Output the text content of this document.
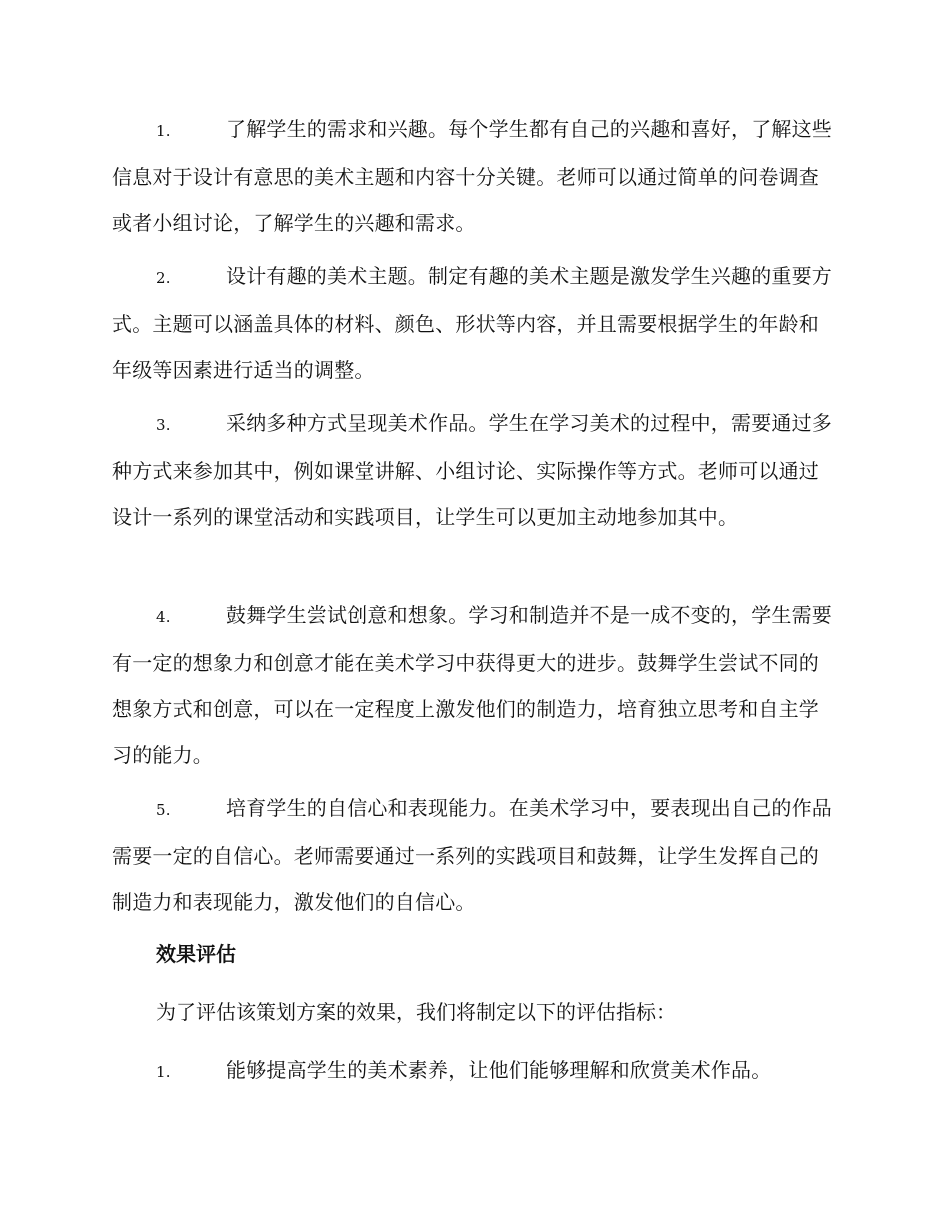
1.	了解学生的需求和兴趣。每个学生都有自己的兴趣和喜好，了解这些信息对于设计有意思的美术主题和内容十分关键。老师可以通过简单的问卷调查或者小组讨论，了解学生的兴趣和需求。

2.	设计有趣的美术主题。制定有趣的美术主题是激发学生兴趣的重要方式。主题可以涵盖具体的材料、颜色、形状等内容，并且需要根据学生的年龄和年级等因素进行适当的调整。

3.	采纳多种方式呈现美术作品。学生在学习美术的过程中，需要通过多种方式来参加其中，例如课堂讲解、小组讨论、实际操作等方式。老师可以通过设计一系列的课堂活动和实践项目，让学生可以更加主动地参加其中。

4.	鼓舞学生尝试创意和想象。学习和制造并不是一成不变的，学生需要有一定的想象力和创意才能在美术学习中获得更大的进步。鼓舞学生尝试不同的想象方式和创意，可以在一定程度上激发他们的制造力，培育独立思考和自主学习的能力。

5.	培育学生的自信心和表现能力。在美术学习中，要表现出自己的作品需要一定的自信心。老师需要通过一系列的实践项目和鼓舞，让学生发挥自己的制造力和表现能力，激发他们的自信心。

效果评估

为了评估该策划方案的效果，我们将制定以下的评估指标：

1.	能够提高学生的美术素养，让他们能够理解和欣赏美术作品。
